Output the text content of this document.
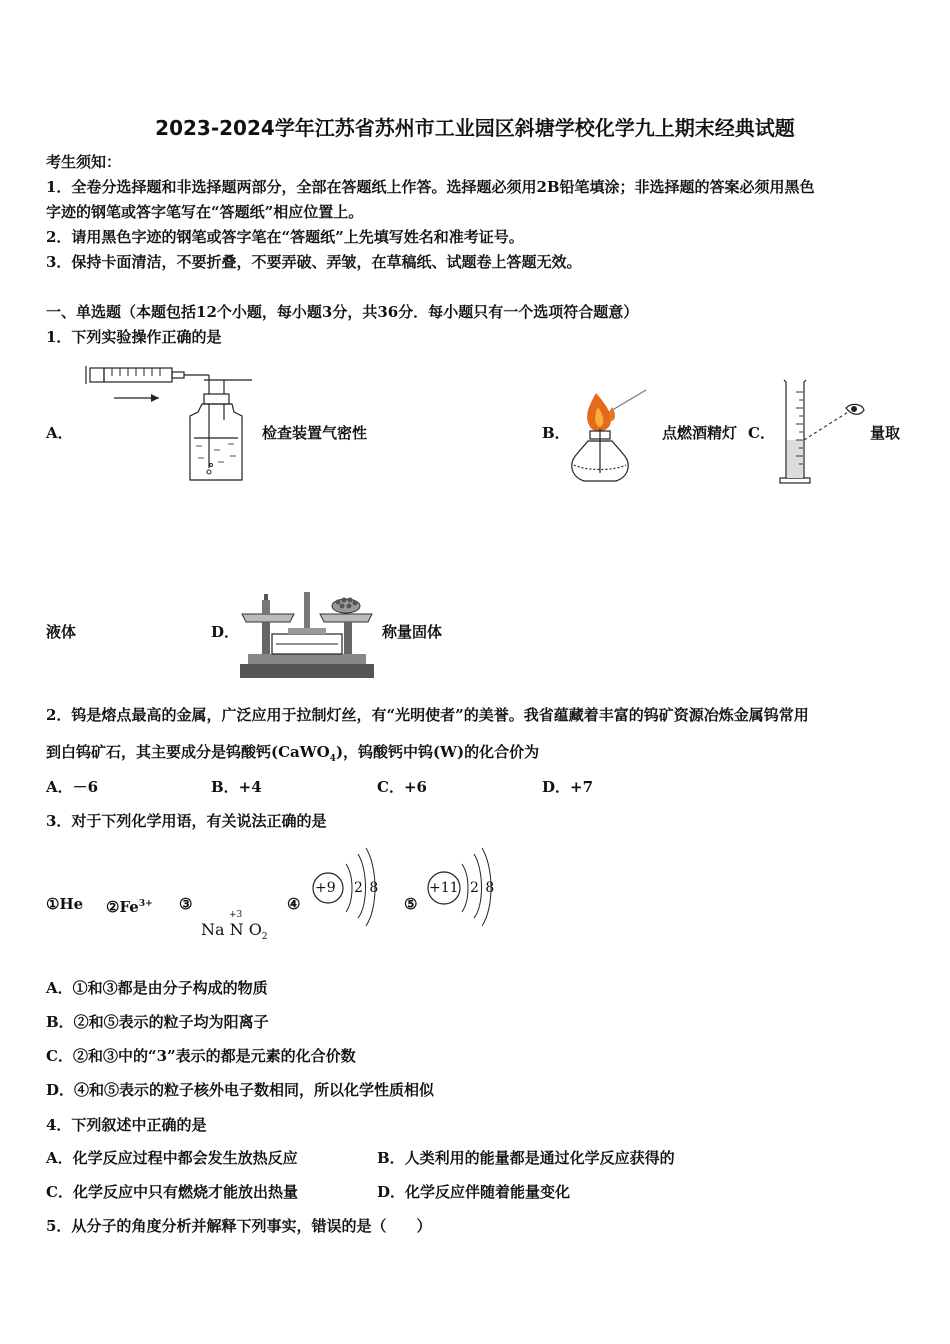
2023-2024学年江苏省苏州市工业园区斜塘学校化学九上期末经典试题
考生须知：
1．全卷分选择题和非选择题两部分，全部在答题纸上作答。选择题必须用2B铅笔填涂；非选择题的答案必须用黑色
字迹的钢笔或答字笔写在“答题纸”相应位置上。
2．请用黑色字迹的钢笔或答字笔在“答题纸”上先填写姓名和准考证号。
3．保持卡面清洁，不要折叠，不要弄破、弄皱，在草稿纸、试题卷上答题无效。
一、单选题（本题包括12个小题，每小题3分，共36分．每小题只有一个选项符合题意）
1．下列实验操作正确的是
A．	检查装置气密性	B．	点燃酒精灯 C．	量取
液体	D．	称量固体
2．钨是熔点最高的金属，广泛应用于拉制灯丝，有“光明使者”的美誉。我省蕴藏着丰富的钨矿资源冶炼金属钨常用
到白钨矿石，其主要成分是钨酸钙(CaWO$_4$)，钨酸钙中钨(W)的化合价为
A．－6	B．+4	C．+6	D．+7
3．对于下列化学用语，有关说法正确的是
①He $②Fe^{3+}$ ③
+3
Na N $O_2$
④	⑤
+9 2 8	+11 2 8
A．①和③都是由分子构成的物质
B．②和⑤表示的粒子均为阳离子
C．②和③中的“3”表示的都是元素的化合价数
D．④和⑤表示的粒子核外电子数相同，所以化学性质相似
4．下列叙述中正确的是
A．化学反应过程中都会发生放热反应	B．人类利用的能量都是通过化学反应获得的
C．化学反应中只有燃烧才能放出热量	D．化学反应伴随着能量变化
5．从分子的角度分析并解释下列事实，错误的是（　　）
